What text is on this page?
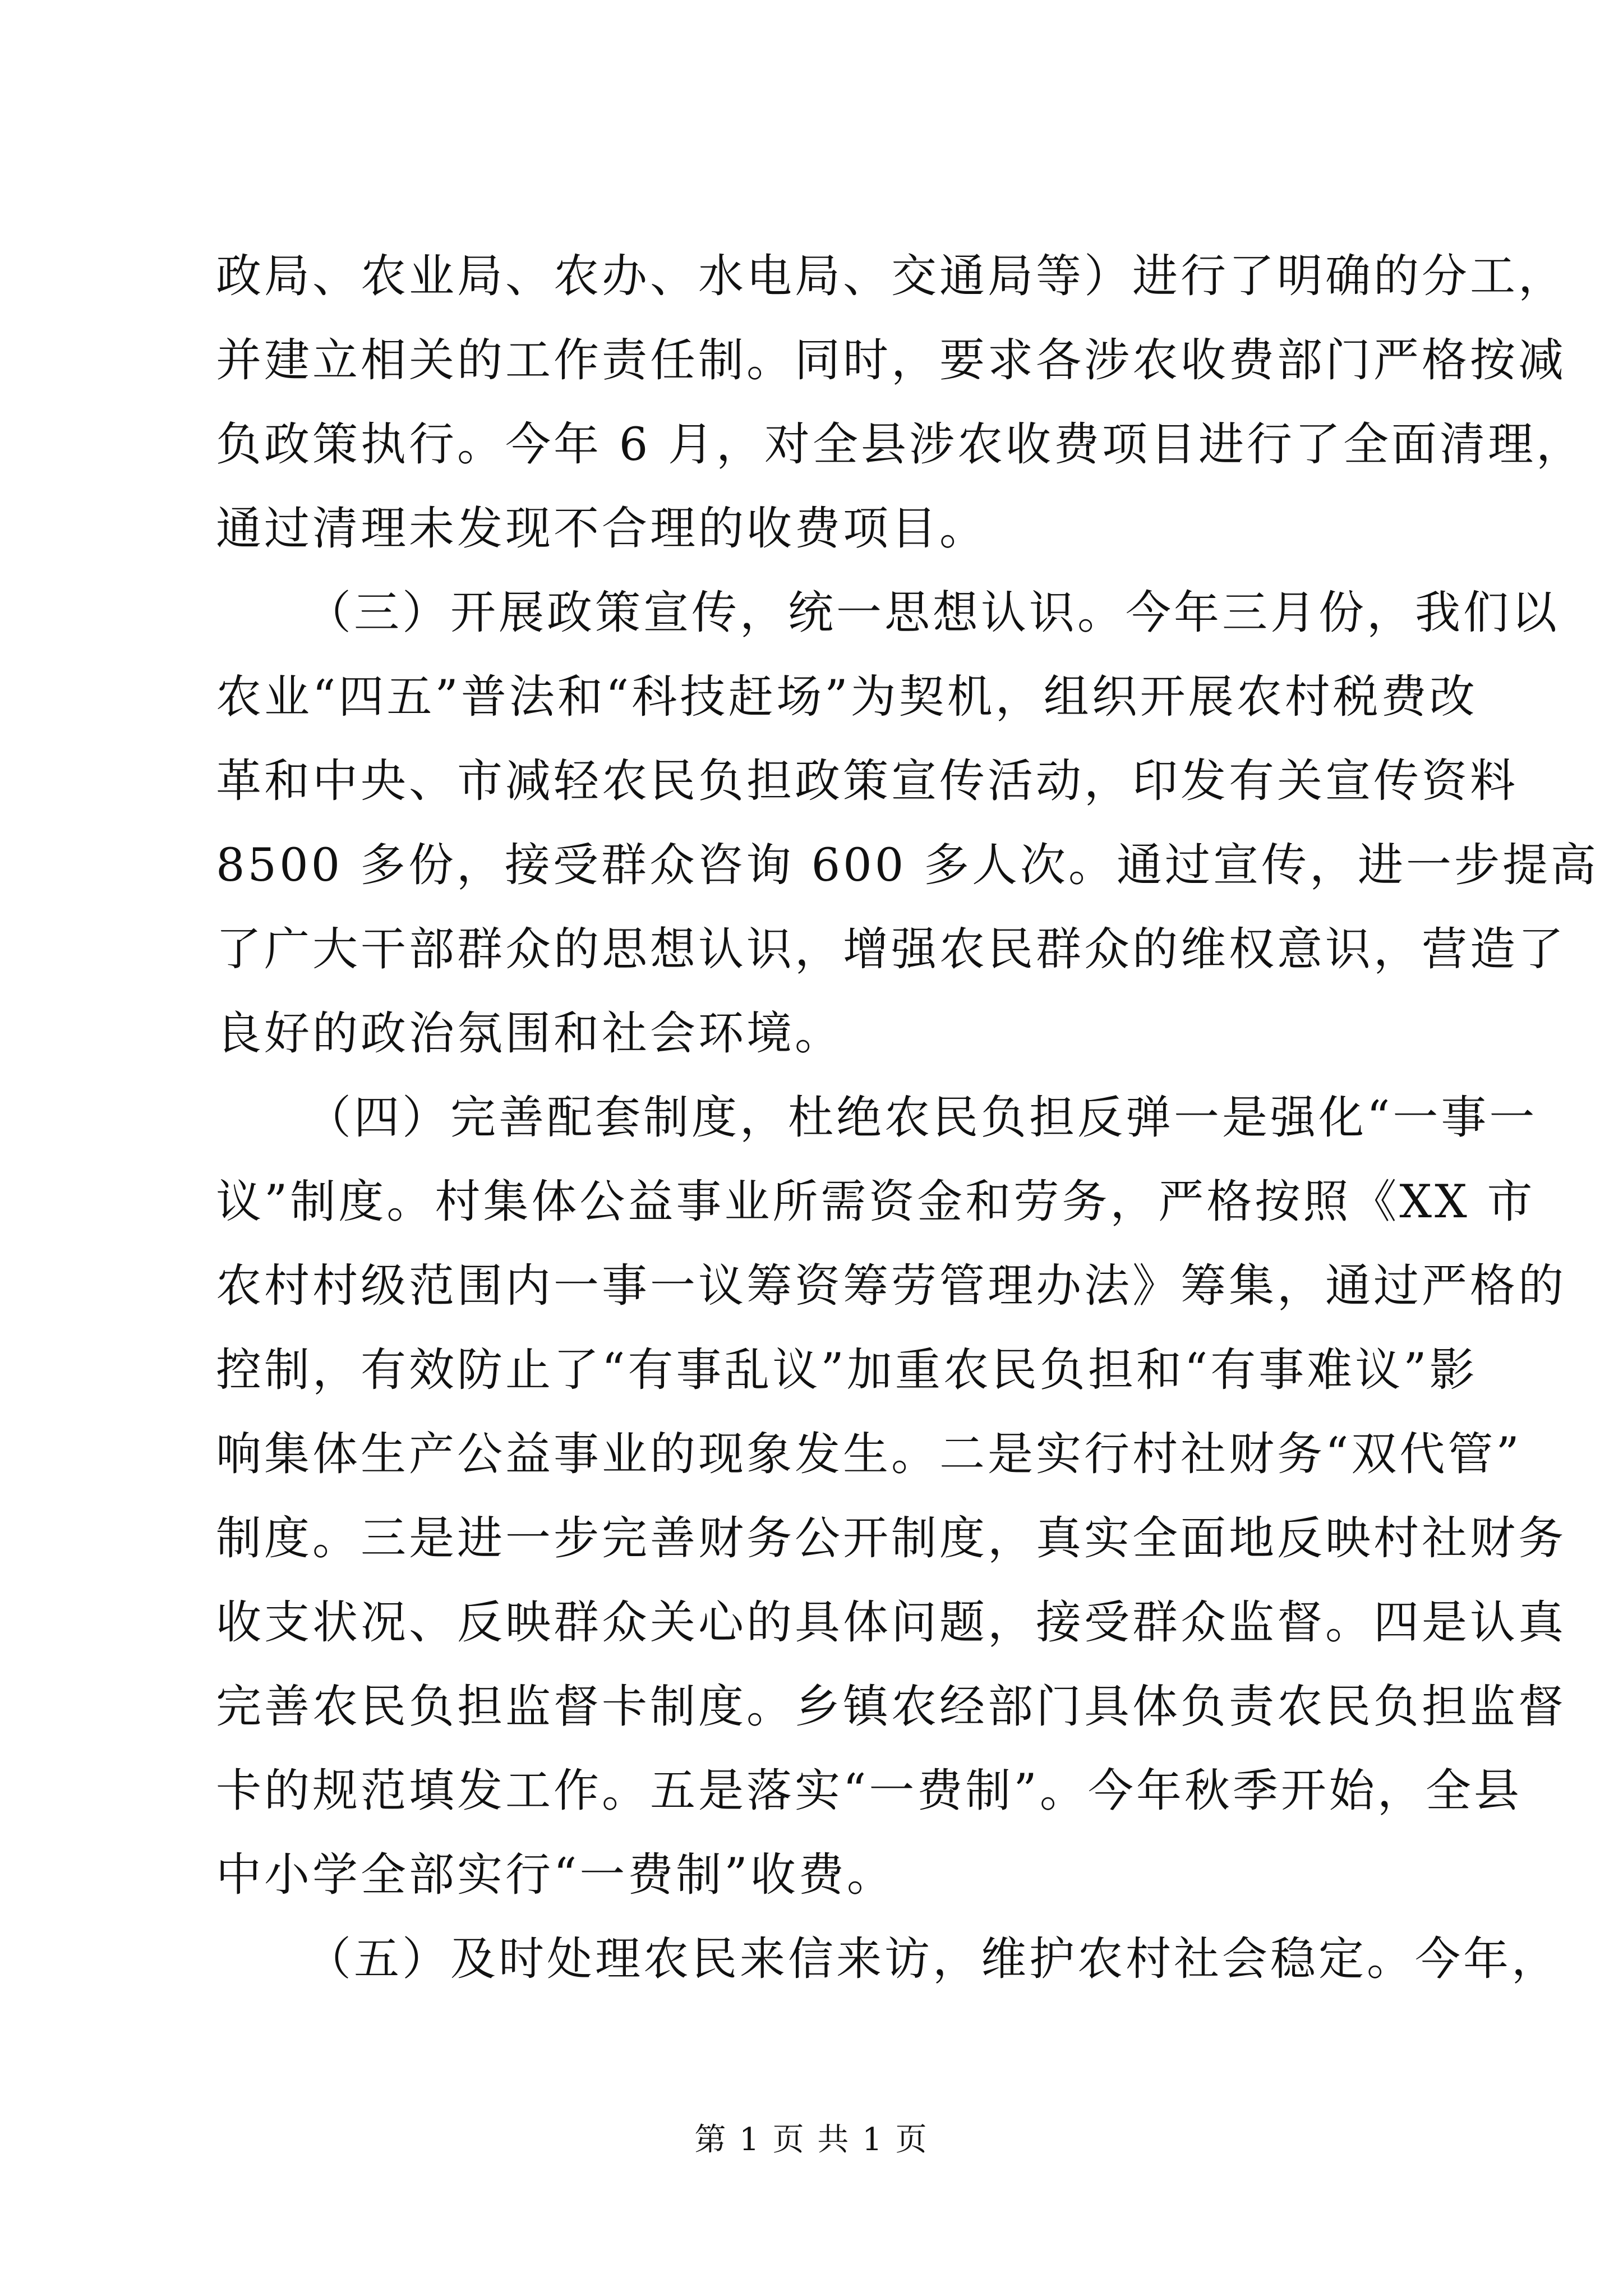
政局、农业局、农办、水电局、交通局等）进行了明确的分工，
并建立相关的工作责任制。同时，要求各涉农收费部门严格按减
负政策执行。今年 6 月，对全县涉农收费项目进行了全面清理，
通过清理未发现不合理的收费项目。
（三）开展政策宣传，统一思想认识。今年三月份，我们以
农业“四五”普法和“科技赶场”为契机，组织开展农村税费改
革和中央、市减轻农民负担政策宣传活动，印发有关宣传资料
8500 多份，接受群众咨询 600 多人次。通过宣传，进一步提高
了广大干部群众的思想认识，增强农民群众的维权意识，营造了
良好的政治氛围和社会环境。
（四）完善配套制度，杜绝农民负担反弹一是强化“一事一
议”制度。村集体公益事业所需资金和劳务，严格按照《XX 市
农村村级范围内一事一议筹资筹劳管理办法》筹集，通过严格的
控制，有效防止了“有事乱议”加重农民负担和“有事难议”影
响集体生产公益事业的现象发生。二是实行村社财务“双代管”
制度。三是进一步完善财务公开制度，真实全面地反映村社财务
收支状况、反映群众关心的具体问题，接受群众监督。四是认真
完善农民负担监督卡制度。乡镇农经部门具体负责农民负担监督
卡的规范填发工作。五是落实“一费制”。今年秋季开始，全县
中小学全部实行“一费制”收费。
（五）及时处理农民来信来访，维护农村社会稳定。今年，
第 1 页 共 1 页
